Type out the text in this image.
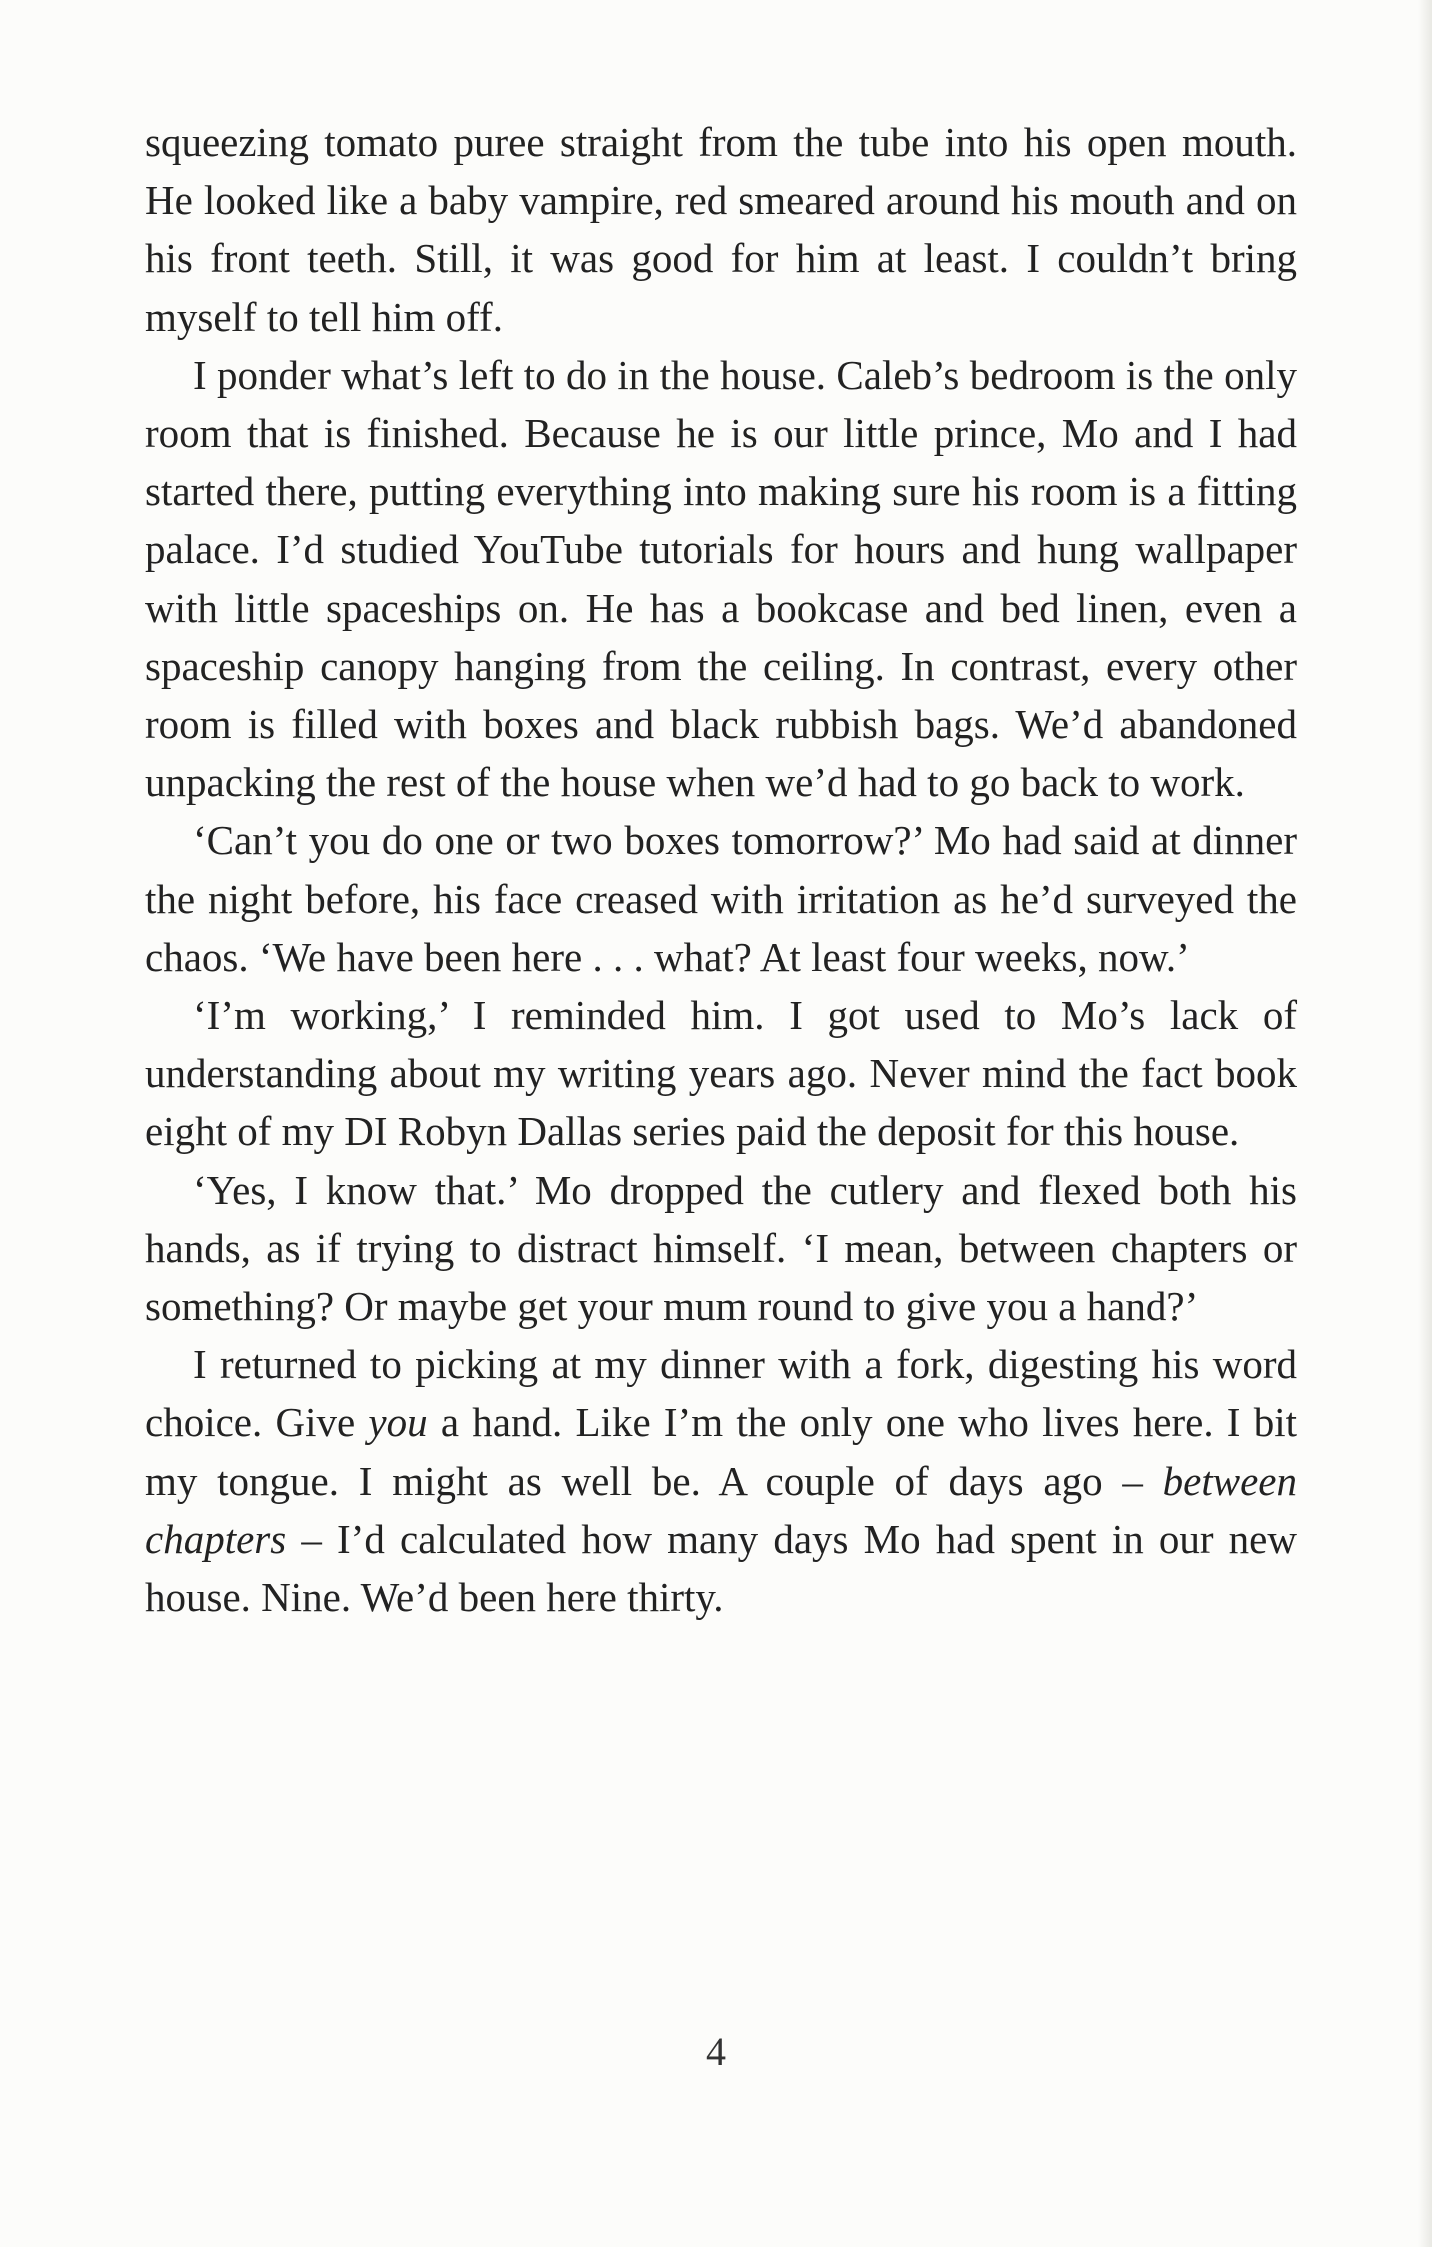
squeezing tomato puree straight from the tube into his open mouth. He looked like a baby vampire, red smeared around his mouth and on his front teeth. Still, it was good for him at least. I couldn’t bring myself to tell him off.

I ponder what’s left to do in the house. Caleb’s bedroom is the only room that is finished. Because he is our little prince, Mo and I had started there, putting everything into making sure his room is a fitting palace. I’d studied YouTube tutorials for hours and hung wallpaper with little spaceships on. He has a bookcase and bed linen, even a spaceship canopy hanging from the ceiling. In contrast, every other room is filled with boxes and black rubbish bags. We’d abandoned unpacking the rest of the house when we’d had to go back to work.

‘Can’t you do one or two boxes tomorrow?’ Mo had said at dinner the night before, his face creased with irritation as he’d surveyed the chaos. ‘We have been here . . . what? At least four weeks, now.’

‘I’m working,’ I reminded him. I got used to Mo’s lack of understanding about my writing years ago. Never mind the fact book eight of my DI Robyn Dallas series paid the deposit for this house.

‘Yes, I know that.’ Mo dropped the cutlery and flexed both his hands, as if trying to distract himself. ‘I mean, between chapters or something? Or maybe get your mum round to give you a hand?’

I returned to picking at my dinner with a fork, digesting his word choice. Give you a hand. Like I’m the only one who lives here. I bit my tongue. I might as well be. A couple of days ago – between chapters – I’d calculated how many days Mo had spent in our new house. Nine. We’d been here thirty.

4
